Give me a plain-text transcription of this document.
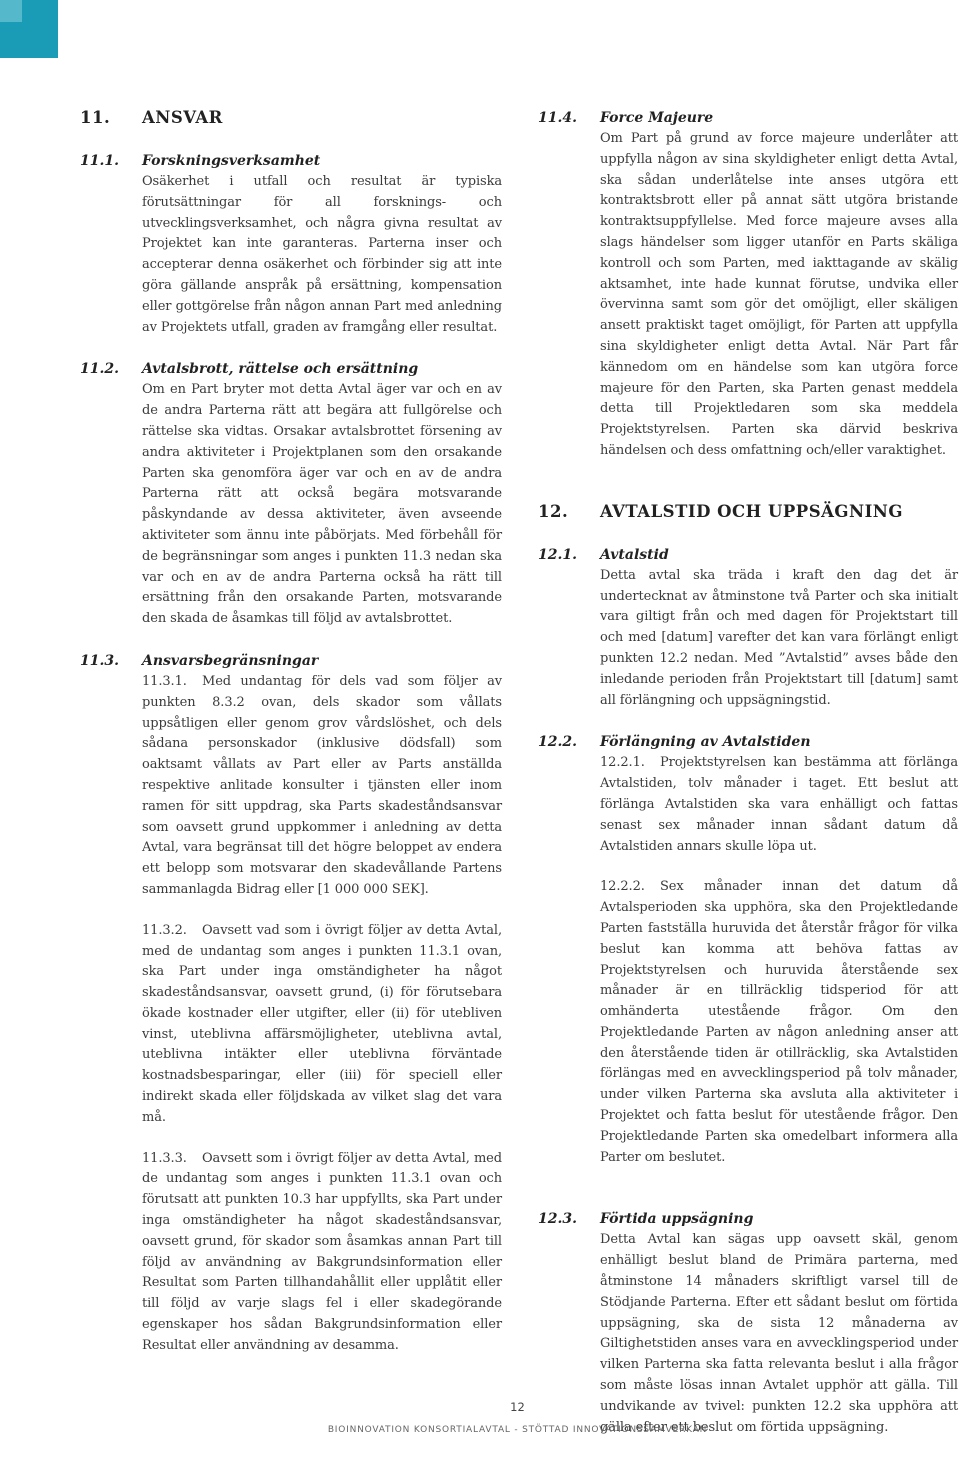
11.	ANSVAR
11.1.	Forskningsverksamhet

Osäkerhet i utfall och resultat är typiska förutsättningar för all forsknings- och utvecklingsverksamhet, och några givna resultat av Projektet kan inte garanteras. Parterna inser och accepterar denna osäkerhet och förbinder sig att inte göra gällande anspråk på ersättning, kompensation eller gottgörelse från någon annan Part med anledning av Projektets utfall, graden av framgång eller resultat.

11.2.	Avtalsbrott, rättelse och ersättning

Om en Part bryter mot detta Avtal äger var och en av de andra Parterna rätt att begära att fullgörelse och rättelse ska vidtas. Orsakar avtalsbrottet försening av andra aktiviteter i Projektplanen som den orsakande Parten ska genomföra äger var och en av de andra Parterna rätt att också begära motsvarande påskyndande av dessa aktiviteter, även avseende aktiviteter som ännu inte påbörjats. Med förbehåll för de begränsningar som anges i punkten 11.3 nedan ska var och en av de andra Parterna också ha rätt till ersättning från den orsakande Parten, motsvarande den skada de åsamkas till följd av avtalsbrottet.

11.3.	Ansvarsbegränsningar

11.3.1. Med undantag för dels vad som följer av punkten 8.3.2 ovan, dels skador som vållats uppsåtligen eller genom grov vårdslöshet, och dels sådana personskador (inklusive dödsfall) som oaktsamt vållats av Part eller av Parts anställda respektive anlitade konsulter i tjänsten eller inom ramen för sitt uppdrag, ska Parts skadeståndsansvar som oavsett grund uppkommer i anledning av detta Avtal, vara begränsat till det högre beloppet av endera ett belopp som motsvarar den skadevållande Partens sammanlagda Bidrag eller [1 000 000 SEK].

11.3.2. Oavsett vad som i övrigt följer av detta Avtal, med de undantag som anges i punkten 11.3.1 ovan, ska Part under inga omständigheter ha något skadeståndsansvar, oavsett grund, (i) för förutsebara ökade kostnader eller utgifter, eller (ii) för utebliven vinst, uteblivna affärsmöjligheter, uteblivna avtal, uteblivna intäkter eller uteblivna förväntade kostnadsbesparingar, eller (iii) för speciell eller indirekt skada eller följdskada av vilket slag det vara må.

11.3.3. Oavsett som i övrigt följer av detta Avtal, med de undantag som anges i punkten 11.3.1 ovan och förutsatt att punkten 10.3 har uppfyllts, ska Part under inga omständigheter ha något skadeståndsansvar, oavsett grund, för skador som åsamkas annan Part till följd av användning av Bakgrundsinformation eller Resultat som Parten tillhandahållit eller upplåtit eller till följd av varje slags fel i eller skadegörande egenskaper hos sådan Bakgrundsinformation eller Resultat eller användning av desamma.

11.4.	Force Majeure

Om Part på grund av force majeure underlåter att uppfylla någon av sina skyldigheter enligt detta Avtal, ska sådan underlåtelse inte anses utgöra ett kontraktsbrott eller på annat sätt utgöra bristande kontraktsuppfyllelse. Med force majeure avses alla slags händelser som ligger utanför en Parts skäliga kontroll och som Parten, med iakttagande av skälig aktsamhet, inte hade kunnat förutse, undvika eller övervinna samt som gör det omöjligt, eller skäligen ansett praktiskt taget omöjligt, för Parten att uppfylla sina skyldigheter enligt detta Avtal. När Part får kännedom om en händelse som kan utgöra force majeure för den Parten, ska Parten genast meddela detta till Projektledaren som ska meddela Projektstyrelsen. Parten ska därvid beskriva händelsen och dess omfattning och/eller varaktighet.

12.	AVTALSTID OCH UPPSÄGNING
12.1.	Avtalstid

Detta avtal ska träda i kraft den dag det är undertecknat av åtminstone två Parter och ska initialt vara giltigt från och med dagen för Projektstart till och med [datum] varefter det kan vara förlängt enligt punkten 12.2 nedan. Med ”Avtalstid” avses både den inledande perioden från Projektstart till [datum] samt all förlängning och uppsägningstid.

12.2.	Förlängning av Avtalstiden

12.2.1. Projektstyrelsen kan bestämma att förlänga Avtalstiden, tolv månader i taget. Ett beslut att förlänga Avtalstiden ska vara enhälligt och fattas senast sex månader innan sådant datum då Avtalstiden annars skulle löpa ut.

12.2.2. Sex månader innan det datum då Avtalsperioden ska upphöra, ska den Projektledande Parten fastställa huruvida det återstår frågor för vilka beslut kan komma att behöva fattas av Projektstyrelsen och huruvida återstående sex månader är en tillräcklig tidsperiod för att omhänderta utestående frågor. Om den Projektledande Parten av någon anledning anser att den återstående tiden är otillräcklig, ska Avtalstiden förlängas med en avvecklingsperiod på tolv månader, under vilken Parterna ska avsluta alla aktiviteter i Projektet och fatta beslut för utestående frågor. Den Projektledande Parten ska omedelbart informera alla Parter om beslutet.

12.3.	Förtida uppsägning

Detta Avtal kan sägas upp oavsett skäl, genom enhälligt beslut bland de Primära parterna, med åtminstone 14 månaders skriftligt varsel till de Stödjande Parterna. Efter ett sådant beslut om förtida uppsägning, ska de sista 12 månaderna av Giltighetstiden anses vara en avvecklingsperiod under vilken Parterna ska fatta relevanta beslut i alla frågor som måste lösas innan Avtalet upphör att gälla. Till undvikande av tvivel: punkten 12.2 ska upphöra att gälla efter ett beslut om förtida uppsägning.

12
BIOINNOVATION KONSORTIALAVTAL - STÖTTAD INNOVATIONSSAMVERKAN
